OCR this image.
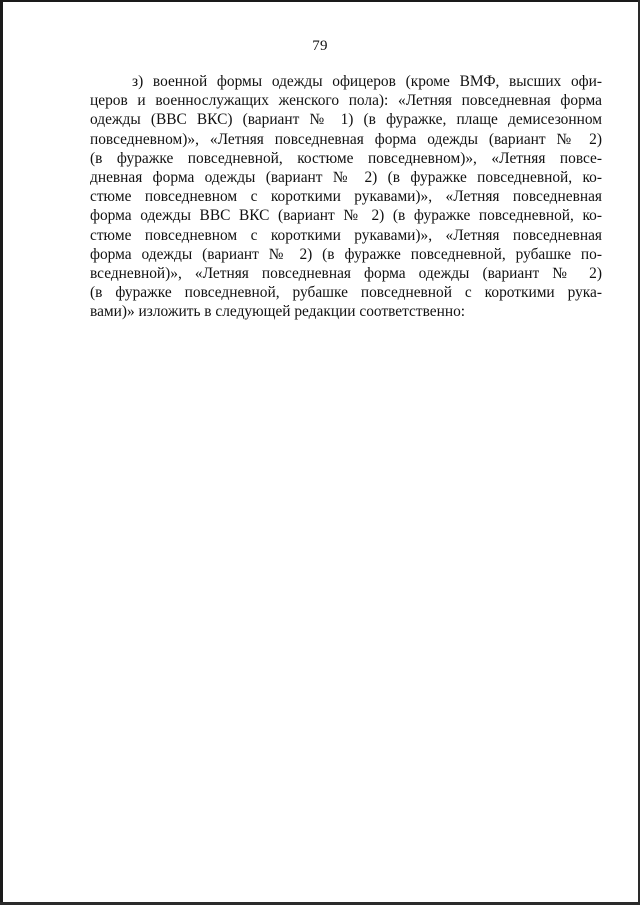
79
з) военной формы одежды офицеров (кроме ВМФ, высших офи-
церов и военнослужащих женского пола): «Летняя повседневная форма
одежды (ВВС ВКС) (вариант № 1) (в фуражке, плаще демисезонном
повседневном)», «Летняя повседневная форма одежды (вариант № 2)
(в фуражке повседневной, костюме повседневном)», «Летняя повсе-
дневная форма одежды (вариант № 2) (в фуражке повседневной, ко-
стюме повседневном с короткими рукавами)», «Летняя повседневная
форма одежды ВВС ВКС (вариант № 2) (в фуражке повседневной, ко-
стюме повседневном с короткими рукавами)», «Летняя повседневная
форма одежды (вариант № 2) (в фуражке повседневной, рубашке по-
вседневной)», «Летняя повседневная форма одежды (вариант № 2)
(в фуражке повседневной, рубашке повседневной с короткими рука-
вами)» изложить в следующей редакции соответственно:
